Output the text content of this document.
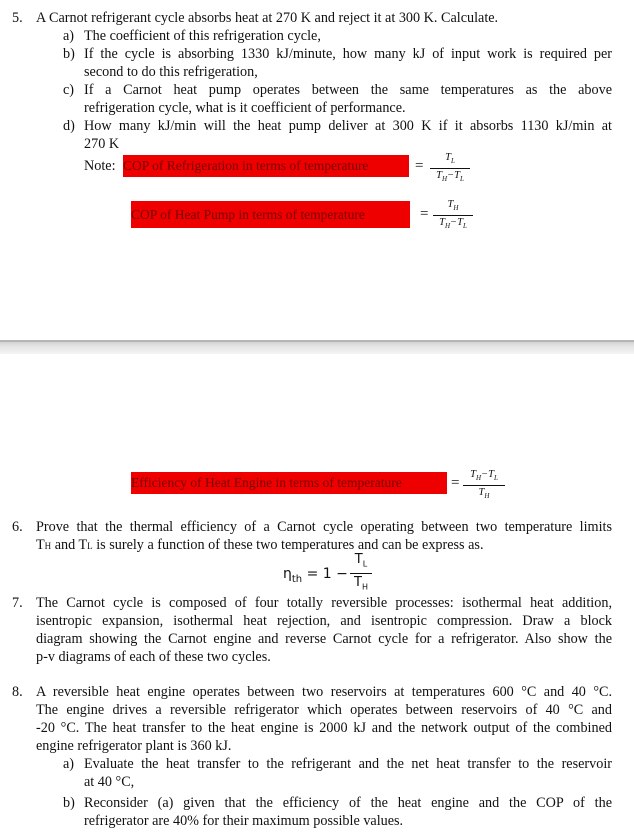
5. A Carnot refrigerant cycle absorbs heat at 270 K and reject it at 300 K. Calculate.
a) The coefficient of this refrigeration cycle,
b) If the cycle is absorbing 1330 kJ/minute, how many kJ of input work is required per
second to do this refrigeration,
c) If a Carnot heat pump operates between the same temperatures as the above
refrigeration cycle, what is it coefficient of performance.
d) How many kJ/min will the heat pump deliver at 300 K if it absorbs 1130 kJ/min at
270 K
Note: COP of Refrigeration in terms of temperature	=
$T_L$
$T_H-T_L$
COP of Heat Pump in terms of temperature	=
$T_H$
$T_H-T_L$
Efficiency of Heat Engine in terms of temperature	=
$T_H-T_L$
$T_H$
6. Prove that the thermal efficiency of a Carnot cycle operating between two temperature limits
TH and TL is surely a function of these two temperatures and can be express as.
$\eta_{th} = 1$ −
$T_L$
$T_H$
7. The Carnot cycle is composed of four totally reversible processes: isothermal heat addition,
isentropic expansion, isothermal heat rejection, and isentropic compression. Draw a block
diagram showing the Carnot engine and reverse Carnot cycle for a refrigerator. Also show the
p-v diagrams of each of these two cycles.
8. A reversible heat engine operates between two reservoirs at temperatures 600 °C and 40 °C.
The engine drives a reversible refrigerator which operates between reservoirs of 40 °C and
-20 °C. The heat transfer to the heat engine is 2000 kJ and the network output of the combined
engine refrigerator plant is 360 kJ.
a) Evaluate the heat transfer to the refrigerant and the net heat transfer to the reservoir
at 40 °C,
b) Reconsider (a) given that the efficiency of the heat engine and the COP of the
refrigerator are 40% for their maximum possible values.
